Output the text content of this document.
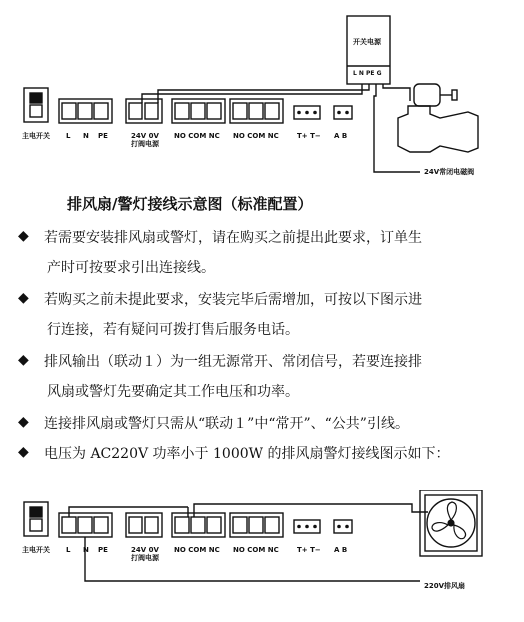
开关电源
L N PE G
主电开关 L N PE	24V 0V
打阀电源
NO COM NC NO COM NC	T+ T− A B
24V常闭电磁阀
排风扇/警灯接线示意图（标准配置）
◆ 若需要安装排风扇或警灯，请在购买之前提出此要求，订单生
产时可按要求引出连接线。
◆ 若购买之前未提此要求，安装完毕后需增加，可按以下图示进
行连接，若有疑问可拨打售后服务电话。
◆ 排风输出（联动１）为一组无源常开、常闭信号，若要连接排
风扇或警灯先要确定其工作电压和功率。
◆ 连接排风扇或警灯只需从“联动１”中“常开”、“公共”引线。
◆ 电压为 AC220V 功率小于 1000W 的排风扇警灯接线图示如下：
主电开关 L N PE	24V 0V
打阀电源
NO COM NC NO COM NC	T+ T− A B
220V排风扇
